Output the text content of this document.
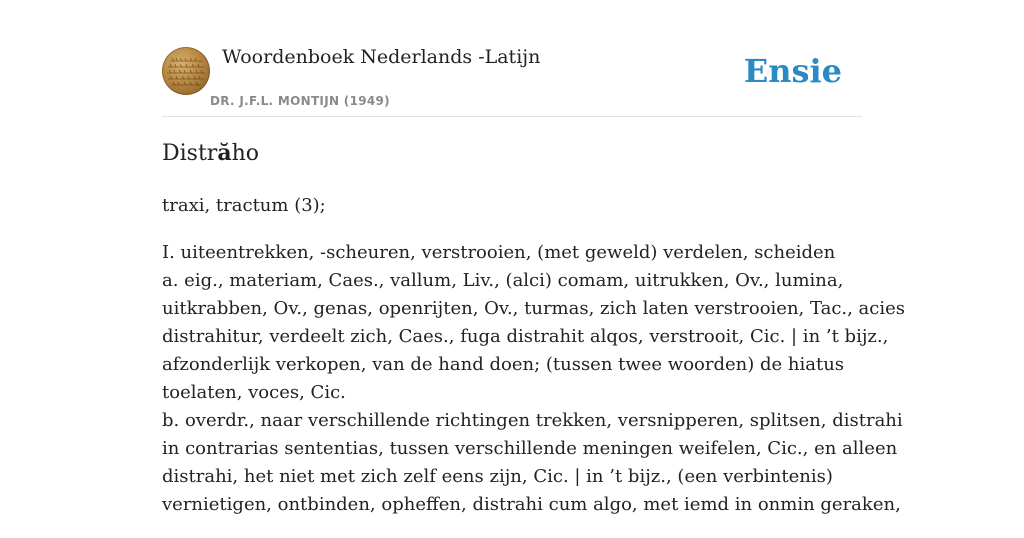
Woordenboek Nederlands -Latijn
DR. J.F.L. MONTIJN (1949)
Ensie
Distrăho

traxi, tractum (3);

I. uiteentrekken, -scheuren, verstrooien, (met geweld) verdelen, scheiden
a. eig., materiam, Caes., vallum, Liv., (alci) comam, uitrukken, Ov., lumina,
uitkrabben, Ov., genas, openrijten, Ov., turmas, zich laten verstrooien, Tac., acies
distrahitur, verdeelt zich, Caes., fuga distrahit alqos, verstrooit, Cic. | in ’t bijz.,
afzonderlijk verkopen, van de hand doen; (tussen twee woorden) de hiatus
toelaten, voces, Cic.
b. overdr., naar verschillende richtingen trekken, versnipperen, splitsen, distrahi
in contrarias sententias, tussen verschillende meningen weifelen, Cic., en alleen
distrahi, het niet met zich zelf eens zijn, Cic. | in ’t bijz., (een verbintenis)
vernietigen, ontbinden, opheffen, distrahi cum algo, met iemd in onmin geraken,
